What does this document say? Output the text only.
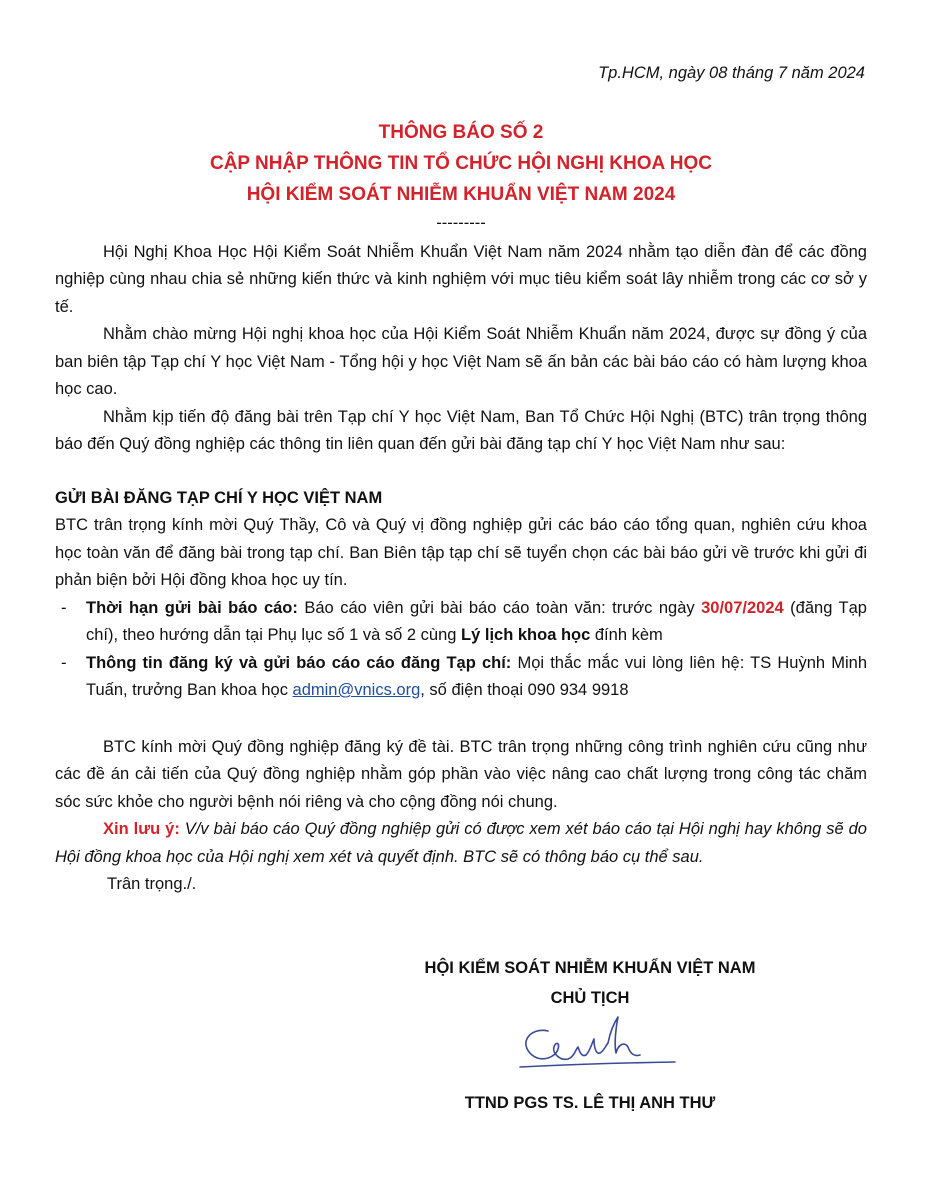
Tp.HCM, ngày 08 tháng 7 năm 2024
THÔNG BÁO SỐ 2
CẬP NHẬP THÔNG TIN TỔ CHỨC HỘI NGHỊ KHOA HỌC
HỘI KIỂM SOÁT NHIỄM KHUẨN VIỆT NAM 2024
---------

Hội Nghị Khoa Học Hội Kiểm Soát Nhiễm Khuẩn Việt Nam năm 2024 nhằm tạo diễn đàn để các đồng nghiệp cùng nhau chia sẻ những kiến thức và kinh nghiệm với mục tiêu kiểm soát lây nhiễm trong các cơ sở y tế.

Nhằm chào mừng Hội nghị khoa học của Hội Kiểm Soát Nhiễm Khuẩn năm 2024, được sự đồng ý của ban biên tập Tạp chí Y học Việt Nam - Tổng hội y học Việt Nam sẽ ấn bản các bài báo cáo có hàm lượng khoa học cao.

Nhằm kịp tiến độ đăng bài trên Tạp chí Y học Việt Nam, Ban Tổ Chức Hội Nghị (BTC) trân trọng thông báo đến Quý đồng nghiệp các thông tin liên quan đến gửi bài đăng tạp chí Y học Việt Nam như sau:

GỬI BÀI ĐĂNG TẠP CHÍ Y HỌC VIỆT NAM

BTC trân trọng kính mời Quý Thầy, Cô và Quý vị đồng nghiệp gửi các báo cáo tổng quan, nghiên cứu khoa học toàn văn để đăng bài trong tạp chí. Ban Biên tập tạp chí sẽ tuyển chọn các bài báo gửi về trước khi gửi đi phản biện bởi Hội đồng khoa học uy tín.

- Thời hạn gửi bài báo cáo: Báo cáo viên gửi bài báo cáo toàn văn: trước ngày 30/07/2024 (đăng Tạp chí), theo hướng dẫn tại Phụ lục số 1 và số 2 cùng Lý lịch khoa học đính kèm
- Thông tin đăng ký và gửi báo cáo cáo đăng Tạp chí: Mọi thắc mắc vui lòng liên hệ: TS Huỳnh Minh Tuấn, trưởng Ban khoa học admin@vnics.org, số điện thoại 090 934 9918

BTC kính mời Quý đồng nghiệp đăng ký đề tài. BTC trân trọng những công trình nghiên cứu cũng như các đề án cải tiến của Quý đồng nghiệp nhằm góp phần vào việc nâng cao chất lượng trong công tác chăm sóc sức khỏe cho người bệnh nói riêng và cho cộng đồng nói chung.

Xin lưu ý: V/v bài báo cáo Quý đồng nghiệp gửi có được xem xét báo cáo tại Hội nghị hay không sẽ do Hội đồng khoa học của Hội nghị xem xét và quyết định. BTC sẽ có thông báo cụ thể sau.

Trân trọng./.
HỘI KIỂM SOÁT NHIỄM KHUẨN VIỆT NAM
CHỦ TỊCH
TTND PGS TS. LÊ THỊ ANH THƯ
